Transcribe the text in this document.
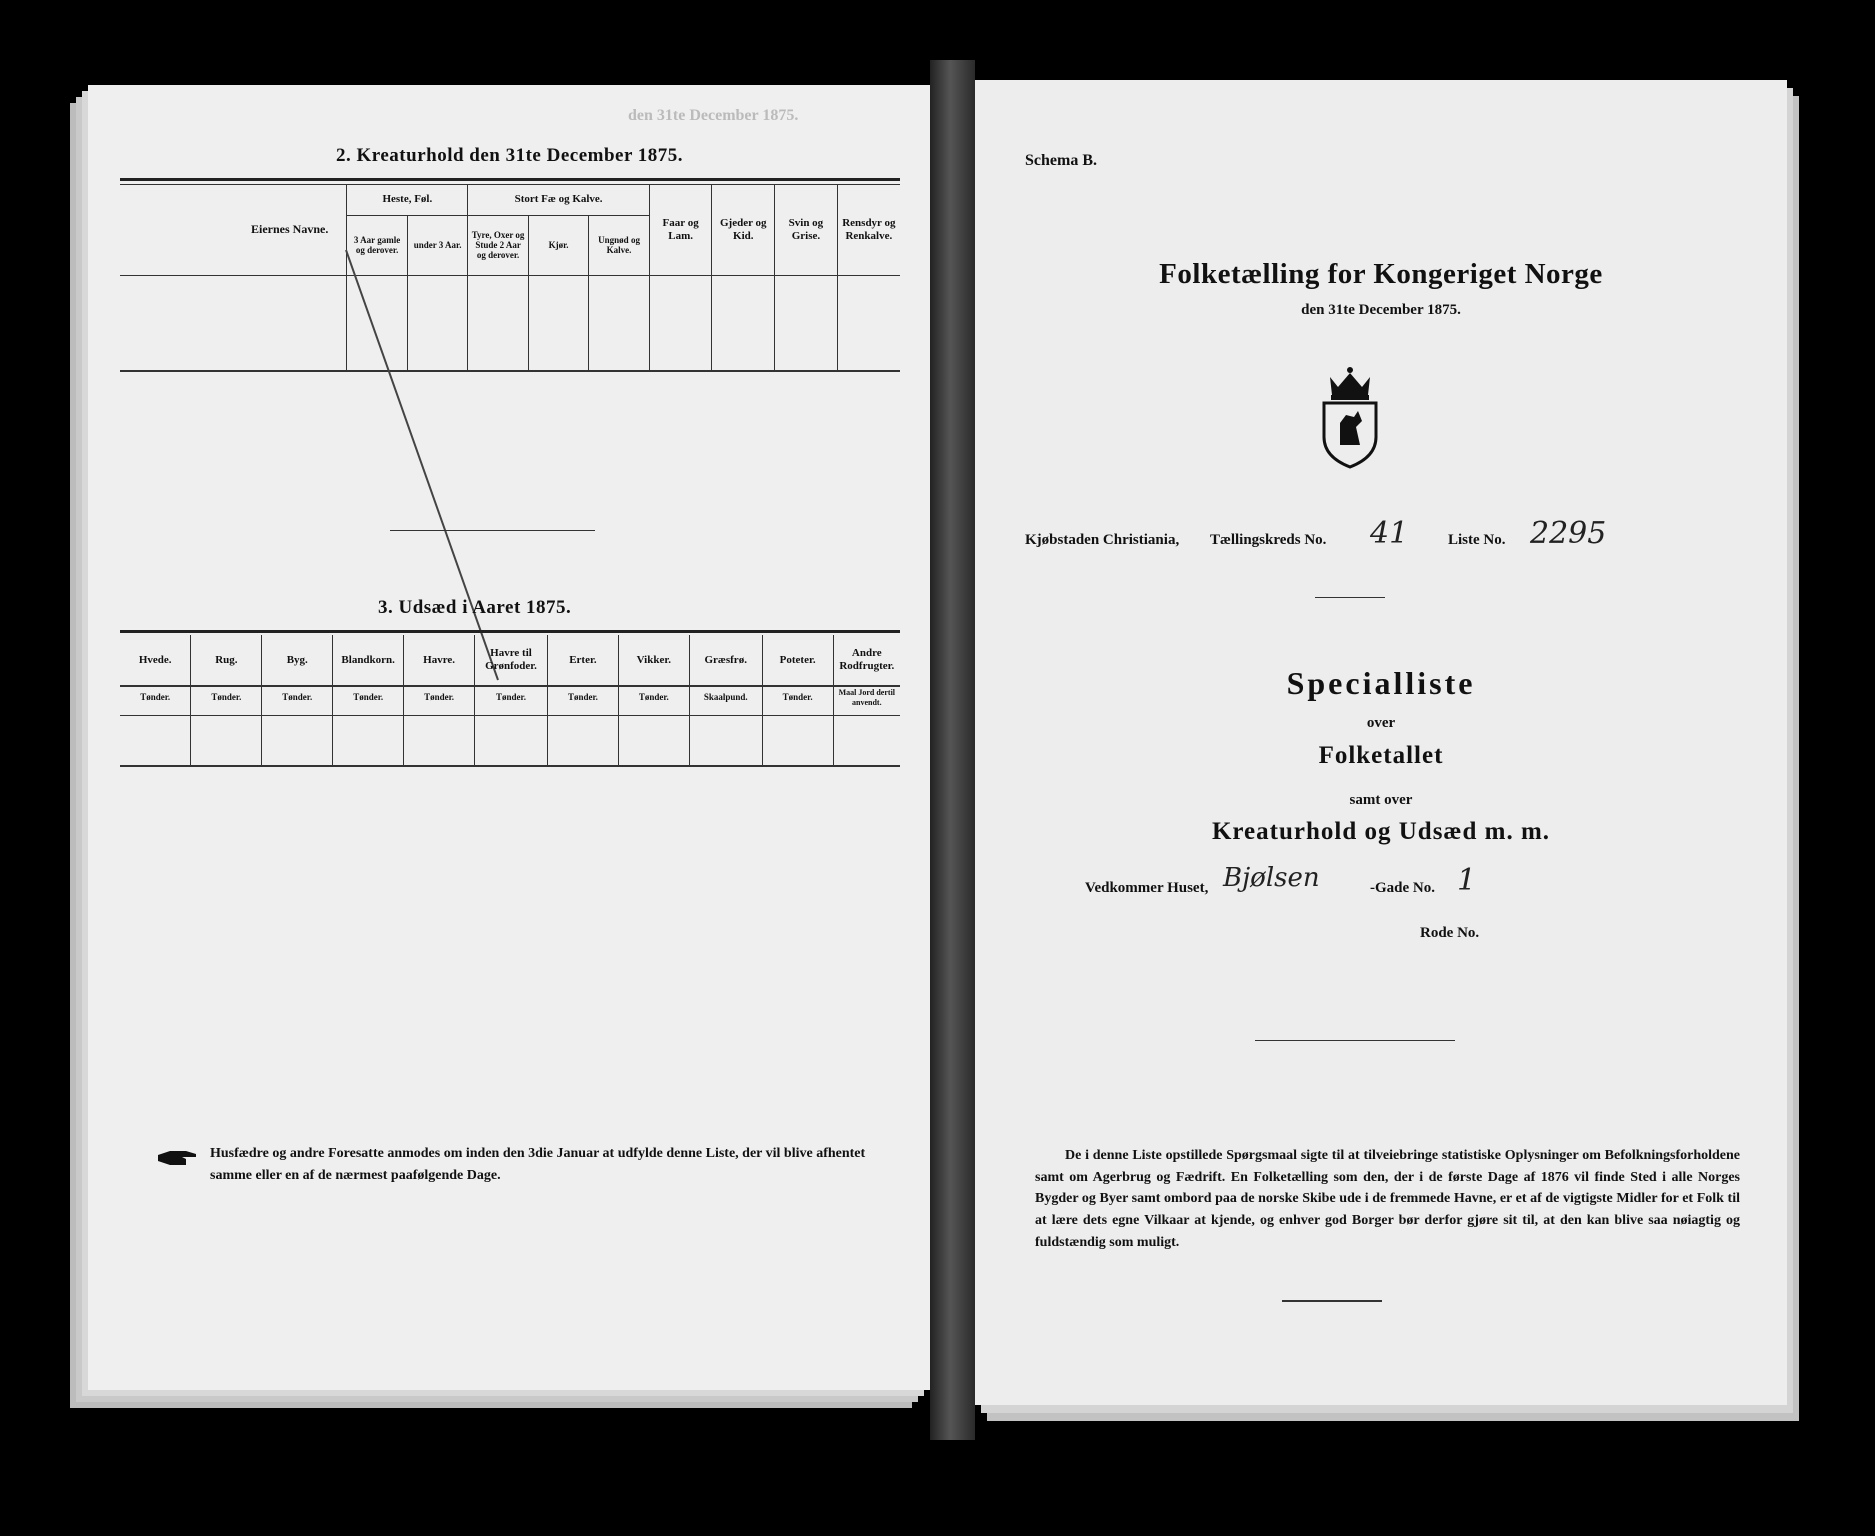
den 31te December 1875.
2. Kreaturhold den 31te December 1875.
Eiernes Navne.	Heste, Føl.		Stort Fæ og Kalve.			Faar og Lam.	Gjeder og Kid.	Svin og Grise.	Rensdyr og Renkalve.
	3 Aar gamle og derover.	under 3 Aar.	Tyre, Oxer og Stude 2 Aar og derover.	Kjør.	Ungnød og Kalve.				

3. Udsæd i Aaret 1875.
Hvede.	Rug.	Byg.	Blandkorn.	Havre.	Havre til Grønfoder.	Erter.	Vikker.	Græsfrø.	Poteter.	Andre Rodfrugter.
Tønder.	Tønder.	Tønder.	Tønder.	Tønder.	Tønder.	Tønder.	Tønder.	Skaalpund.	Tønder.	Maal Jord dertil anvendt.

Husfædre og andre Foresatte anmodes om inden den 3die Januar at udfylde denne Liste, der vil blive afhentet samme eller en af de nærmest paafølgende Dage.
Schema B.
Folketælling for Kongeriget Norge
den 31te December 1875.
Kjøbstaden Christiania, Tællingskreds No. 41	Liste No. 2295
Specialliste
over
Folketallet
samt over
Kreaturhold og Udsæd m. m.
Vedkommer Huset, Bjølsen	-Gade No. 1
Rode No.
De i denne Liste opstillede Spørgsmaal sigte til at tilveiebringe statistiske Oplysninger om Befolkningsforholdene samt om Agerbrug og Fædrift. En Folketælling som den, der i de første Dage af 1876 vil finde Sted i alle Norges Bygder og Byer samt ombord paa de norske Skibe ude i de fremmede Havne, er et af de vigtigste Midler for et Folk til at lære dets egne Vilkaar at kjende, og enhver god Borger bør derfor gjøre sit til, at den kan blive saa nøiagtig og fuldstændig som muligt.
